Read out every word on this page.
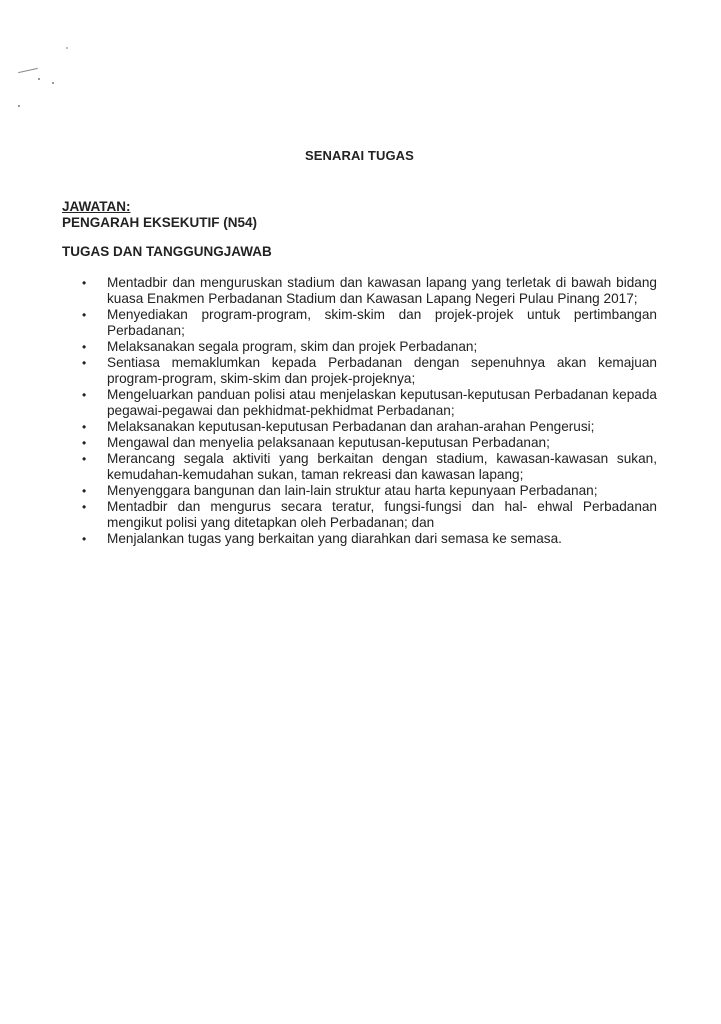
SENARAI TUGAS
JAWATAN:
PENGARAH EKSEKUTIF (N54)
TUGAS DAN TANGGUNGJAWAB
•	Mentadbir dan menguruskan stadium dan kawasan lapang yang terletak di bawah bidang kuasa Enakmen Perbadanan Stadium dan Kawasan Lapang Negeri Pulau Pinang 2017;
•	Menyediakan program-program, skim-skim dan projek-projek untuk pertimbangan Perbadanan;
•	Melaksanakan segala program, skim dan projek Perbadanan;
•	Sentiasa memaklumkan kepada Perbadanan dengan sepenuhnya akan kemajuan program-program, skim-skim dan projek-projeknya;
•	Mengeluarkan panduan polisi atau menjelaskan keputusan-keputusan Perbadanan kepada pegawai-pegawai dan pekhidmat-pekhidmat Perbadanan;
•	Melaksanakan keputusan-keputusan Perbadanan dan arahan-arahan Pengerusi;
•	Mengawal dan menyelia pelaksanaan keputusan-keputusan Perbadanan;
•	Merancang segala aktiviti yang berkaitan dengan stadium, kawasan-kawasan sukan, kemudahan-kemudahan sukan, taman rekreasi dan kawasan lapang;
•	Menyenggara bangunan dan lain-lain struktur atau harta kepunyaan Perbadanan;
•	Mentadbir dan mengurus secara teratur, fungsi-fungsi dan hal- ehwal Perbadanan mengikut polisi yang ditetapkan oleh Perbadanan; dan
•	Menjalankan tugas yang berkaitan yang diarahkan dari semasa ke semasa.
